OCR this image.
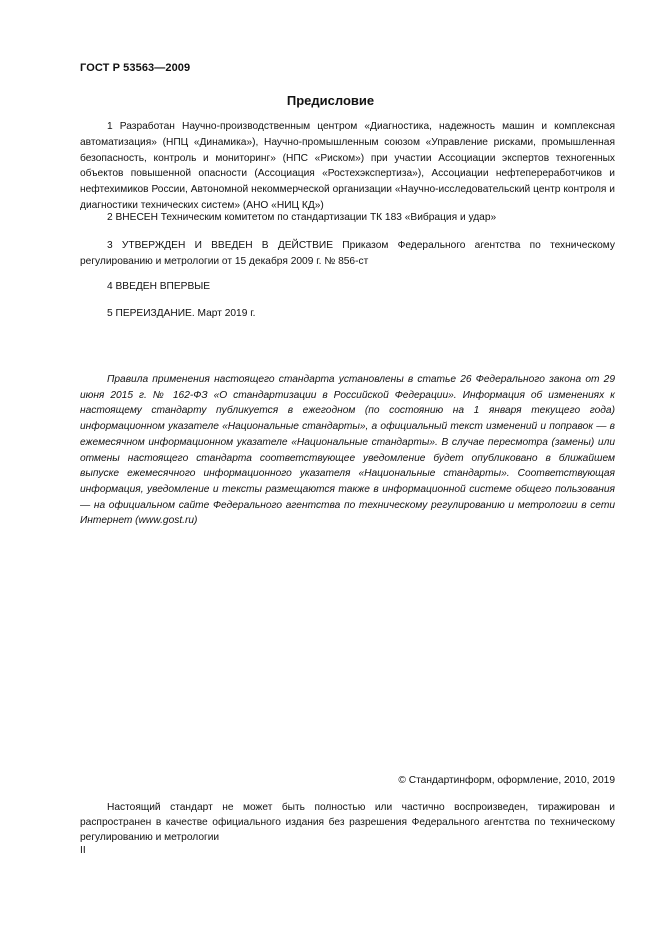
ГОСТ Р 53563—2009
Предисловие
1 Разработан Научно-производственным центром «Диагностика, надежность машин и комплексная автоматизация» (НПЦ «Динамика»), Научно-промышленным союзом «Управление рисками, промышленная безопасность, контроль и мониторинг» (НПС «Риском») при участии Ассоциации экспертов техногенных объектов повышенной опасности (Ассоциация «Ростехэкспертиза»), Ассоциации нефтепереработчиков и нефтехимиков России, Автономной некоммерческой организации «Научно-исследовательский центр контроля и диагностики технических систем» (АНО «НИЦ КД»)
2 ВНЕСЕН Техническим комитетом по стандартизации ТК 183 «Вибрация и удар»
3 УТВЕРЖДЕН И ВВЕДЕН В ДЕЙСТВИЕ Приказом Федерального агентства по техническому регулированию и метрологии от 15 декабря 2009 г. № 856-ст
4 ВВЕДЕН ВПЕРВЫЕ
5 ПЕРЕИЗДАНИЕ. Март 2019 г.
Правила применения настоящего стандарта установлены в статье 26 Федерального закона от 29 июня 2015 г. № 162-ФЗ «О стандартизации в Российской Федерации». Информация об изменениях к настоящему стандарту публикуется в ежегодном (по состоянию на 1 января текущего года) информационном указателе «Национальные стандарты», а официальный текст изменений и поправок — в ежемесячном информационном указателе «Национальные стандарты». В случае пересмотра (замены) или отмены настоящего стандарта соответствующее уведомление будет опубликовано в ближайшем выпуске ежемесячного информационного указателя «Национальные стандарты». Соответствующая информация, уведомление и тексты размещаются также в информационной системе общего пользования — на официальном сайте Федерального агентства по техническому регулированию и метрологии в сети Интернет (www.gost.ru)
© Стандартинформ, оформление, 2010, 2019
Настоящий стандарт не может быть полностью или частично воспроизведен, тиражирован и распространен в качестве официального издания без разрешения Федерального агентства по техническому регулированию и метрологии
II
